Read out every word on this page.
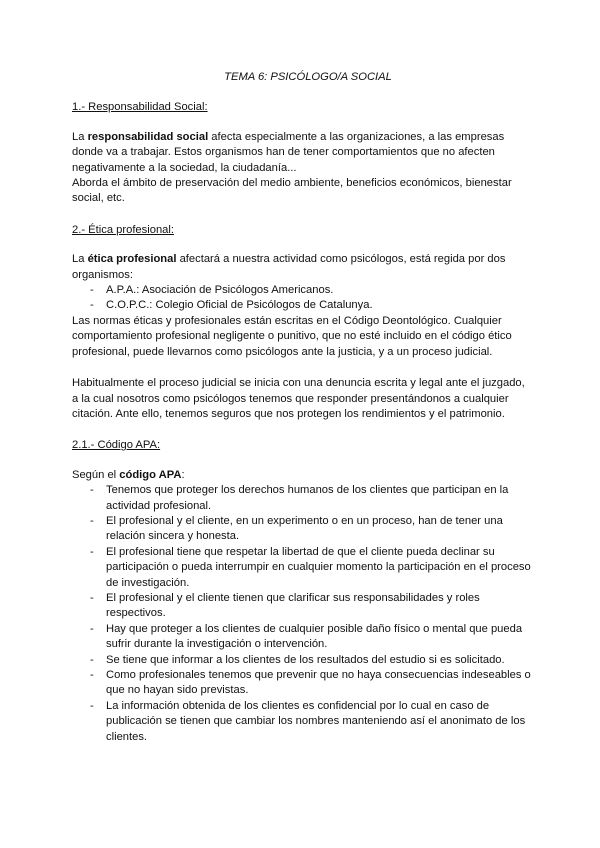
TEMA 6: PSICÓLOGO/A SOCIAL
1.- Responsabilidad Social:

La responsabilidad social afecta especialmente a las organizaciones, a las empresas donde va a trabajar. Estos organismos han de tener comportamientos que no afecten negativamente a la sociedad, la ciudadanía...

Aborda el ámbito de preservación del medio ambiente, beneficios económicos, bienestar social, etc.

2.- Ética profesional:

La ética profesional afectará a nuestra actividad como psicólogos, está regida por dos organismos:

- A.P.A.: Asociación de Psicólogos Americanos.
- C.O.P.C.: Colegio Oficial de Psicólogos de Catalunya.

Las normas éticas y profesionales están escritas en el Código Deontológico. Cualquier comportamiento profesional negligente o punitivo, que no esté incluido en el código ético profesional, puede llevarnos como psicólogos ante la justicia, y a un proceso judicial.

Habitualmente el proceso judicial se inicia con una denuncia escrita y legal ante el juzgado, a la cual nosotros como psicólogos tenemos que responder presentándonos a cualquier citación. Ante ello, tenemos seguros que nos protegen los rendimientos y el patrimonio.

2.1.- Código APA:

Según el código APA:

- Tenemos que proteger los derechos humanos de los clientes que participan en la actividad profesional.
- El profesional y el cliente, en un experimento o en un proceso, han de tener una relación sincera y honesta.
- El profesional tiene que respetar la libertad de que el cliente pueda declinar su participación o pueda interrumpir en cualquier momento la participación en el proceso de investigación.
- El profesional y el cliente tienen que clarificar sus responsabilidades y roles respectivos.
- Hay que proteger a los clientes de cualquier posible daño físico o mental que pueda sufrir durante la investigación o intervención.
- Se tiene que informar a los clientes de los resultados del estudio si es solicitado.
- Como profesionales tenemos que prevenir que no haya consecuencias indeseables o que no hayan sido previstas.
- La información obtenida de los clientes es confidencial por lo cual en caso de publicación se tienen que cambiar los nombres manteniendo así el anonimato de los clientes.
